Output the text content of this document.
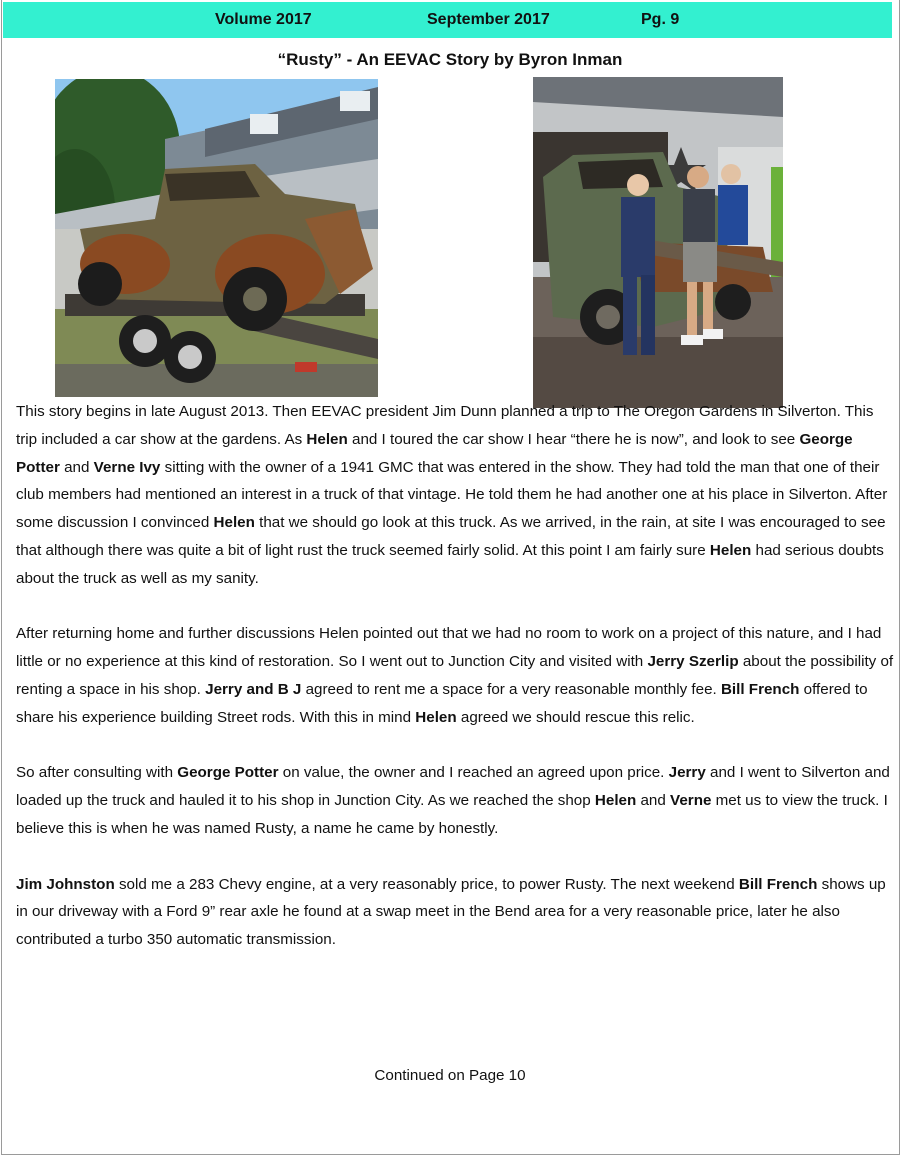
Volume 2017	September 2017	Pg. 9
“Rusty” - An EEVAC Story by Byron Inman

This story begins in late August 2013. Then EEVAC president Jim Dunn planned a trip to The Oregon Gardens in Silverton. This trip included a car show at the gardens. As Helen and I toured the car show I hear “there he is now”, and look to see George Potter and Verne Ivy sitting with the owner of a 1941 GMC that was entered in the show. They had told the man that one of their club members had mentioned an interest in a truck of that vintage. He told them he had another one at his place in Silverton. After some discussion I convinced Helen that we should go look at this truck. As we arrived, in the rain, at site I was encouraged to see that although there was quite a bit of light rust the truck seemed fairly solid. At this point I am fairly sure Helen had serious doubts about the truck as well as my sanity.

After returning home and further discussions Helen pointed out that we had no room to work on a project of this nature, and I had little or no experience at this kind of restoration. So I went out to Junction City and visited with Jerry Szerlip about the possibility of renting a space in his shop. Jerry and B J agreed to rent me a space for a very reasonable monthly fee. Bill French offered to share his experience building Street rods. With this in mind Helen agreed we should rescue this relic.

So after consulting with George Potter on value, the owner and I reached an agreed upon price. Jerry and I went to Silverton and loaded up the truck and hauled it to his shop in Junction City. As we reached the shop Helen and Verne met us to view the truck. I believe this is when he was named Rusty, a name he came by honestly.

Jim Johnston sold me a 283 Chevy engine, at a very reasonably price, to power Rusty. The next weekend Bill French shows up in our driveway with a Ford 9” rear axle he found at a swap meet in the Bend area for a very reasonable price, later he also contributed a turbo 350 automatic transmission.

Continued on Page 10
